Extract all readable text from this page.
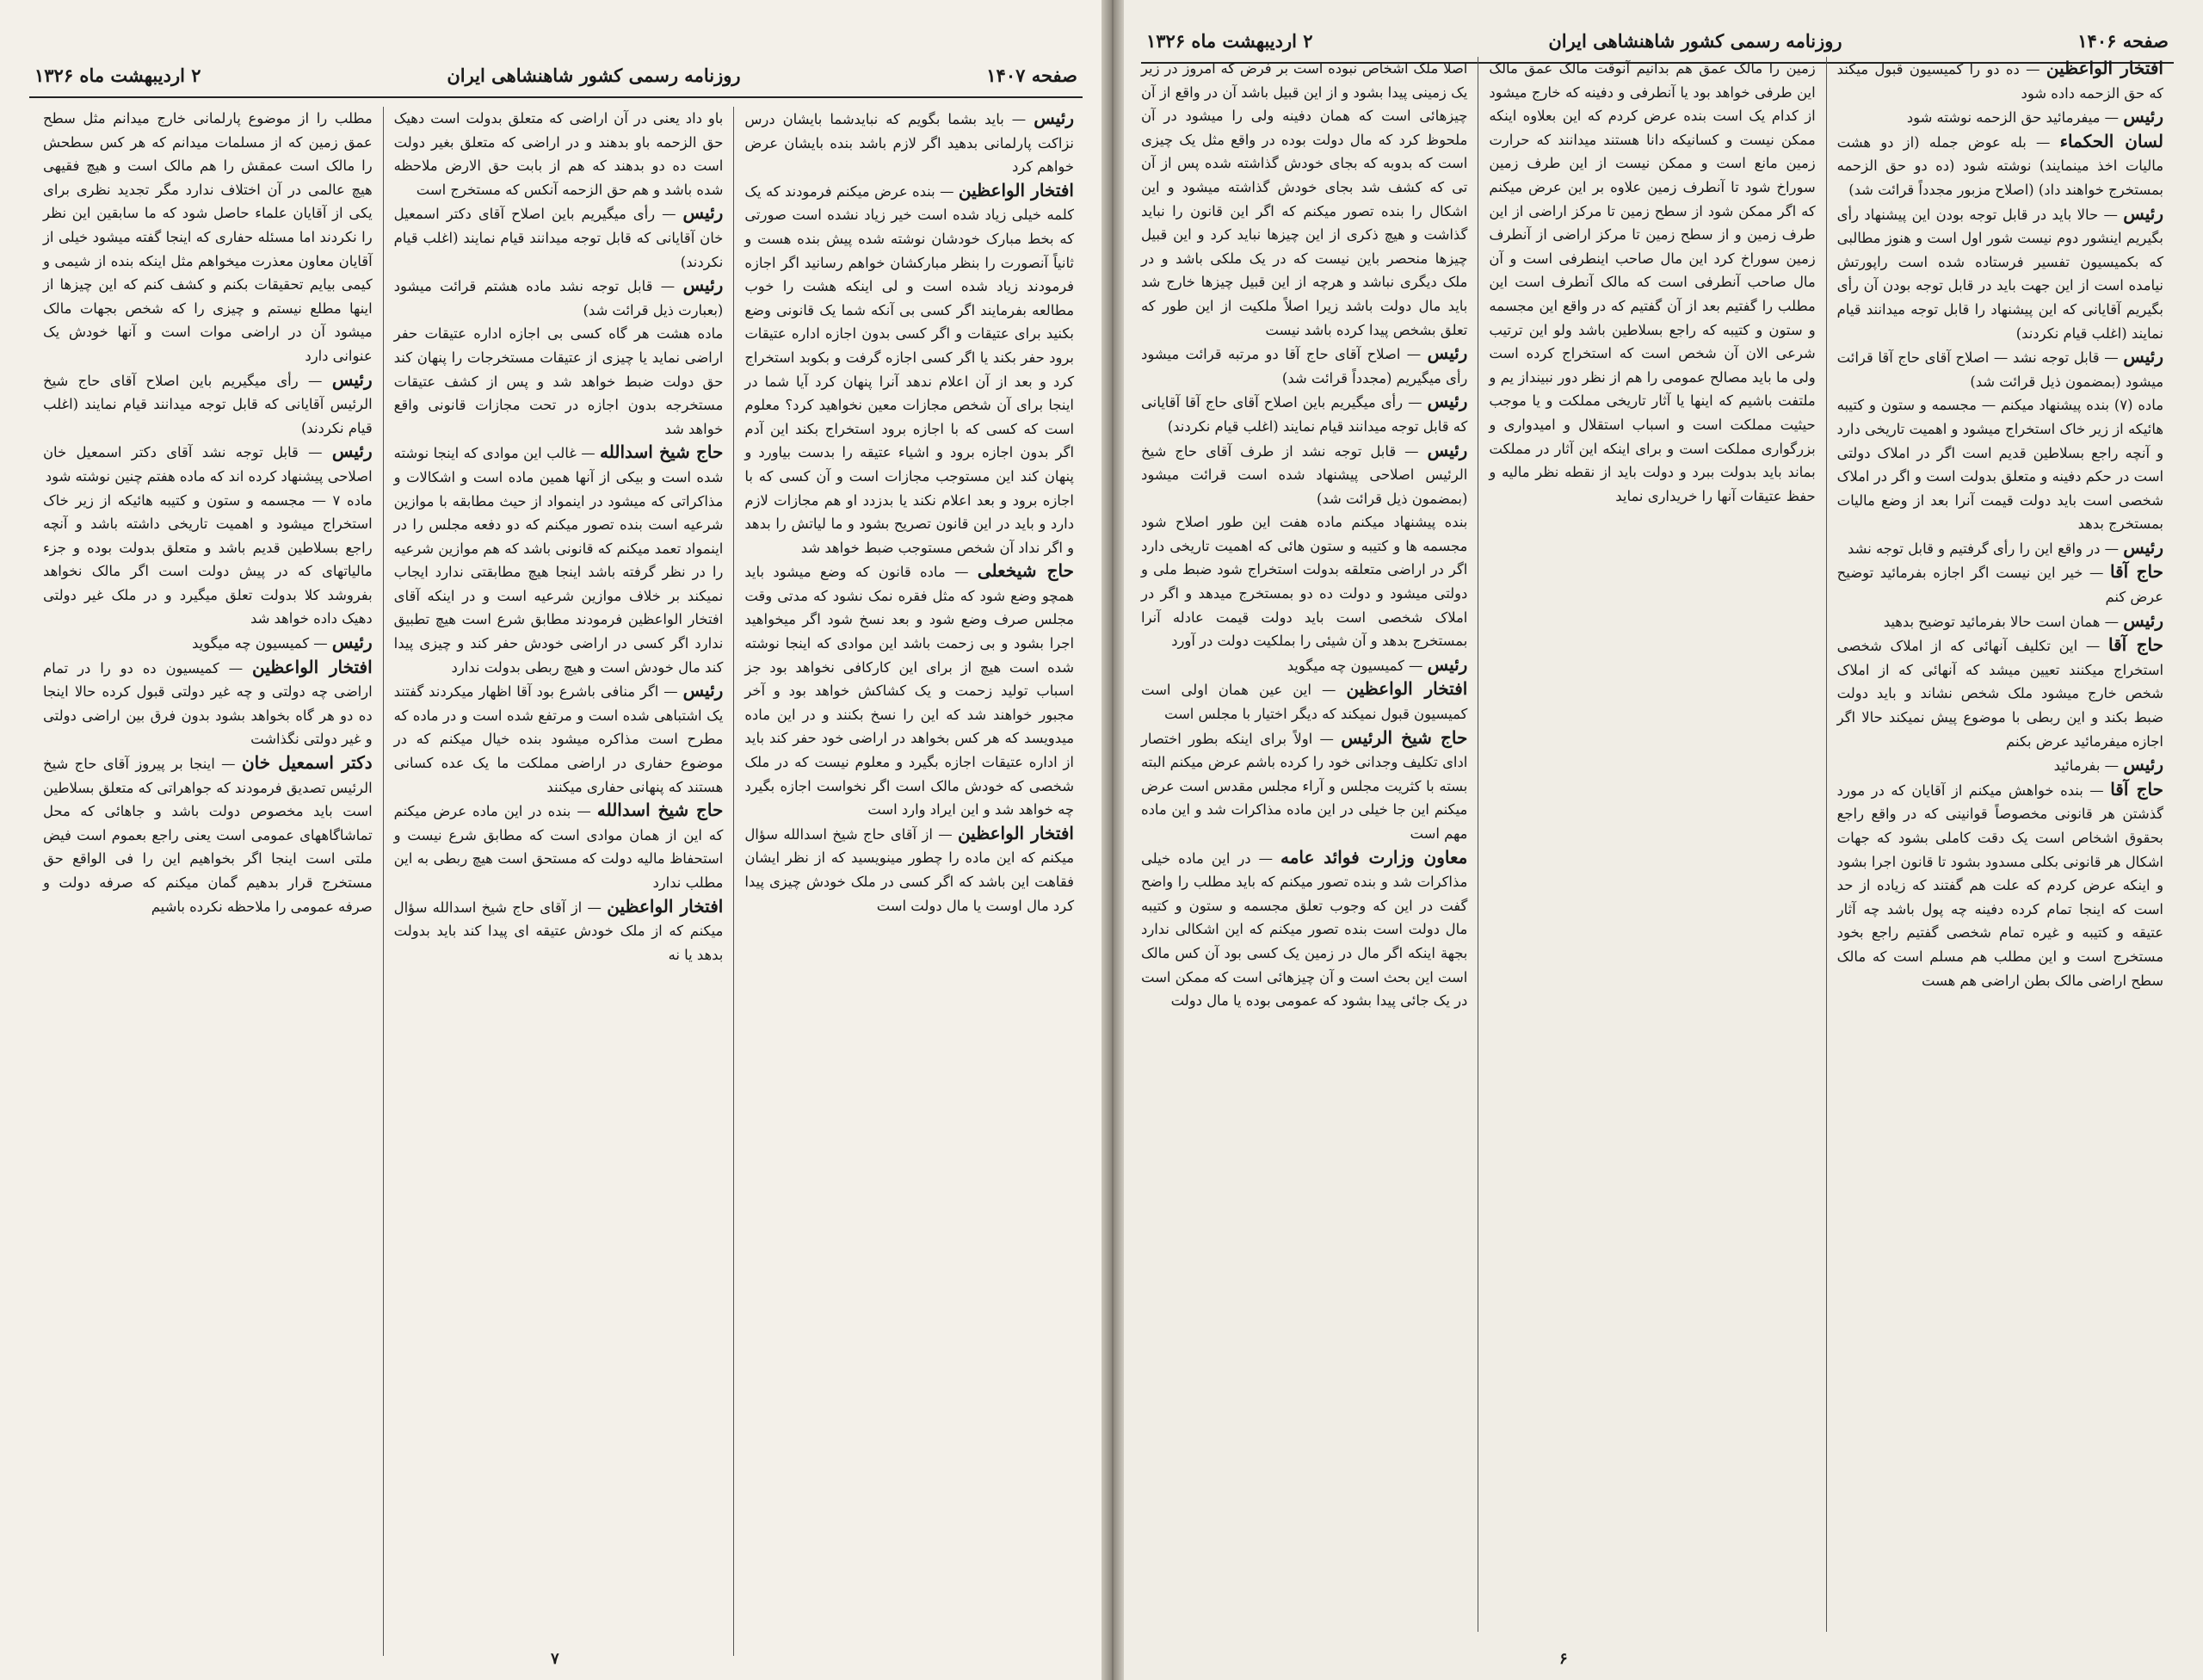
صفحه ۱۴۰۷
روزنامه رسمی کشور شاهنشاهی ایران
۲ اردیبهشت ماه ۱۳۲۶

رئیس — باید بشما بگویم که نبایدشما بایشان درس نزاکت پارلمانی بدهید اگر لازم باشد بنده بایشان عرض خواهم کرد

افتخار الواعظین — بنده عرض میکنم فرمودند که یک کلمه خیلی زیاد شده است خیر زیاد نشده است صورتی که بخط مبارک خودشان نوشته شده پیش بنده هست و ثانیاً آنصورت را بنظر مبارکشان خواهم رسانید اگر اجازه فرمودند زیاد شده است و لی اینکه هشت را خوب مطالعه بفرمایند اگر کسی بی آنکه شما یک قانونی وضع بکنید برای عتیقات و اگر کسی بدون اجازه اداره عتیقات برود حفر بکند یا اگر کسی اجازه گرفت و بکوبد استخراج کرد و بعد از آن اعلام ندهد آنرا پنهان کرد آیا شما در اینجا برای آن شخص مجازات معین نخواهید کرد؟ معلوم است که کسی که با اجازه برود استخراج بکند این آدم اگر بدون اجازه برود و اشیاء عتیقه را بدست بیاورد و پنهان کند این مستوجب مجازات است و آن کسی که با اجازه برود و بعد اعلام نکند یا بدزدد او هم مجازات لازم دارد و باید در این قانون تصریح بشود و ما لیاتش را بدهد و اگر نداد آن شخص مستوجب ضبط خواهد شد

حاج شیخعلی — ماده قانون که وضع میشود باید همچو وضع شود که مثل فقره نمک نشود که مدتی وقت مجلس صرف وضع شود و بعد نسخ شود اگر میخواهید اجرا بشود و بی زحمت باشد این موادی که اینجا نوشته شده است هیچ از برای این کارکافی نخواهد بود جز اسباب تولید زحمت و یک کشاکش خواهد بود و آخر مجبور خواهند شد که این را نسخ بکنند و در این ماده میدویسد که هر کس بخواهد در اراضی خود حفر کند باید از اداره عتیقات اجازه بگیرد و معلوم نیست که در ملک شخصی که خودش مالک است اگر نخواست اجازه بگیرد چه خواهد شد و این ایراد وارد است

افتخار الواعظین — از آقای حاج شیخ اسدالله سؤال میکنم که این ماده را چطور مینویسید که از نظر ایشان فقاهت این باشد که اگر کسی در ملک خودش چیزی پیدا کرد مال اوست یا مال دولت است

باو داد یعنی در آن اراضی که متعلق بدولت است دهیک حق الزحمه باو بدهند و در اراضی که متعلق بغیر دولت است ده دو بدهند که هم از بابت حق الارض ملاحظه شده باشد و هم حق الزحمه آنکس که مستخرج است

رئیس — رأی میگیریم باین اصلاح آقای دکتر اسمعیل خان آقایانی که قابل توجه میدانند قیام نمایند (اغلب قیام نکردند)

رئیس — قابل توجه نشد ماده هشتم قرائت میشود (بعبارت ذیل قرائت شد)

ماده هشت هر گاه کسی بی اجازه اداره عتیقات حفر اراضی نماید یا چیزی از عتیقات مستخرجات را پنهان کند حق دولت ضبط خواهد شد و پس از کشف عتیقات مستخرجه بدون اجازه در تحت مجازات قانونی واقع خواهد شد

حاج شیخ اسدالله — غالب این موادی که اینجا نوشته شده است و بیکی از آنها همین ماده است و اشکالات و مذاکراتی که میشود در اینمواد از حیث مطابقه با موازین شرعیه است بنده تصور میکنم که دو دفعه مجلس را در اینمواد تعمد میکنم که قانونی باشد که هم موازین شرعیه را در نظر گرفته باشد اینجا هیچ مطابقتی ندارد ایجاب نمیکند بر خلاف موازین شرعیه است و در اینکه آقای افتخار الواعظین فرمودند مطابق شرع است هیچ تطبیق ندارد اگر کسی در اراضی خودش حفر کند و چیزی پیدا کند مال خودش است و هیچ ربطی بدولت ندارد

رئیس — اگر منافی باشرع بود آقا اظهار میکردند گفتند یک اشتباهی شده است و مرتفع شده است و در ماده که مطرح است مذاکره میشود بنده خیال میکنم که در موضوع حفاری در اراضی مملکت ما یک عده کسانی هستند که پنهانی حفاری میکنند

حاج شیخ اسدالله — بنده در این ماده عرض میکنم که این از همان موادی است که مطابق شرع نیست و استحفاظ مالیه دولت که مستحق است هیچ ربطی به این مطلب ندارد

افتخار الواعظین — از آقای حاج شیخ اسدالله سؤال میکنم که از ملک خودش عتیقه ای پیدا کند باید بدولت بدهد یا نه

مطلب را از موضوع پارلمانی خارج میدانم مثل سطح عمق زمین که از مسلمات میدانم که هر کس سطحش را مالک است عمقش را هم مالک است و هیچ فقیهی هیچ عالمی در آن اختلاف ندارد مگر تجدید نظری برای یکی از آقایان علماء حاصل شود که ما سابقین این نظر را نکردند اما مسئله حفاری که اینجا گفته میشود خیلی از آقایان معاون معذرت میخواهم مثل اینکه بنده از شیمی و کیمی بیایم تحقیقات بکنم و کشف کنم که این چیزها از اینها مطلع نیستم و چیزی را که شخص بجهات مالک میشود آن در اراضی موات است و آنها خودش یک عنوانی دارد

رئیس — رأی میگیریم باین اصلاح آقای حاج شیخ الرئیس آقایانی که قابل توجه میدانند قیام نمایند (اغلب قیام نکردند)

رئیس — قابل توجه نشد آقای دکتر اسمعیل خان اصلاحی پیشنهاد کرده اند که ماده هفتم چنین نوشته شود

ماده ۷ — مجسمه و ستون و کتیبه هائیکه از زیر خاک استخراج میشود و اهمیت تاریخی داشته باشد و آنچه راجع بسلاطین قدیم باشد و متعلق بدولت بوده و جزء مالیاتهای که در پیش دولت است اگر مالک نخواهد بفروشد کلا بدولت تعلق میگیرد و در ملک غیر دولتی دهیک داده خواهد شد

رئیس — کمیسیون چه میگوید

افتخار الواعظین — کمیسیون ده دو را در تمام اراضی چه دولتی و چه غیر دولتی قبول کرده حالا اینجا ده دو هر گاه بخواهد بشود بدون فرق بین اراضی دولتی و غیر دولتی نگذاشت

دکتر اسمعیل خان — اینجا بر پیروز آقای حاج شیخ الرئیس تصدیق فرمودند که جواهراتی که متعلق بسلاطین است باید مخصوص دولت باشد و جاهائی که محل تماشاگاههای عمومی است یعنی راجع بعموم است فیض ملتی است اینجا اگر بخواهیم این را فی الواقع حق مستخرج قرار بدهیم گمان میکنم که صرفه دولت و صرفه عمومی را ملاحظه نکرده باشیم

۷
صفحه ۱۴۰۶
روزنامه رسمی کشور شاهنشاهی ایران
۲ اردیبهشت ماه ۱۳۲۶

افتخار الواعظین — ده دو را کمیسیون قبول میکند که حق الزحمه داده شود

رئیس — میفرمائید حق الزحمه نوشته شود

لسان الحکماء — بله عوض جمله (از دو هشت مالیات اخذ مینمایند) نوشته شود (ده دو حق الزحمه بمستخرج خواهند داد) (اصلاح مزبور مجدداً قرائت شد)

رئیس — حالا باید در قابل توجه بودن این پیشنهاد رأی بگیریم اینشور دوم نیست شور اول است و هنوز مطالبی که بکمیسیون تفسیر فرستاده شده است راپورتش نیامده است از این جهت باید در قابل توجه بودن آن رأی بگیریم آقایانی که این پیشنهاد را قابل توجه میدانند قیام نمایند (اغلب قیام نکردند)

رئیس — قابل توجه نشد — اصلاح آقای حاج آقا قرائت میشود (بمضمون ذیل قرائت شد)

ماده (۷) بنده پیشنهاد میکنم — مجسمه و ستون و کتیبه هائیکه از زیر خاک استخراج میشود و اهمیت تاریخی دارد و آنچه راجع بسلاطین قدیم است اگر در املاک دولتی است در حکم دفینه و متعلق بدولت است و اگر در املاک شخصی است باید دولت قیمت آنرا بعد از وضع مالیات بمستخرج بدهد

رئیس — در واقع این را رأی گرفتیم و قابل توجه نشد

حاج آقا — خیر این نیست اگر اجازه بفرمائید توضیح عرض کنم

رئیس — همان است حالا بفرمائید توضیح بدهید

حاج آقا — این تکلیف آنهائی که از املاک شخصی استخراج میکنند تعیین میشد که آنهائی که از املاک شخص خارج میشود ملک شخص نشاند و باید دولت ضبط بکند و این ربطی با موضوع پیش نمیکند حالا اگر اجازه میفرمائید عرض بکنم

رئیس — بفرمائید

حاج آقا — بنده خواهش میکنم از آقایان که در مورد گذشتن هر قانونی مخصوصاً قوانینی که در واقع راجع بحقوق اشخاص است یک دقت کاملی بشود که جهات اشکال هر قانونی بکلی مسدود بشود تا قانون اجرا بشود و اینکه عرض کردم که علت هم گفتند که زیاده از حد است که اینجا تمام کرده دفینه چه پول باشد چه آثار عتیقه و کتیبه و غیره تمام شخصی گفتیم راجع بخود مستخرج است و این مطلب هم مسلم است که مالک سطح اراضی مالک بطن اراضی هم هست

زمین را مالک عمق هم بدانیم آنوقت مالک عمق مالک این طرفی خواهد بود یا آنطرفی و دفینه که خارج میشود از کدام یک است بنده عرض کردم که این بعلاوه اینکه ممکن نیست و کسانیکه دانا هستند میدانند که حرارت زمین مانع است و ممکن نیست از این طرف زمین سوراخ شود تا آنطرف زمین علاوه بر این عرض میکنم که اگر ممکن شود از سطح زمین تا مرکز اراضی از این طرف زمین و از سطح زمین تا مرکز اراضی از آنطرف زمین سوراخ کرد این مال صاحب اینطرفی است و آن مال صاحب آنطرفی است که مالک آنطرف است این مطلب را گفتیم بعد از آن گفتیم که در واقع این مجسمه و ستون و کتیبه که راجع بسلاطین باشد ولو این ترتیب شرعی الان آن شخص است که استخراج کرده است ولی ما باید مصالح عمومی را هم از نظر دور نبینداز یم و ملتفت باشیم که اینها یا آثار تاریخی مملکت و یا موجب حیثیت مملکت است و اسباب استقلال و امیدواری و بزرگواری مملکت است و برای اینکه این آثار در مملکت بماند باید بدولت ببرد و دولت باید از نقطه نظر مالیه و حفظ عتیقات آنها را خریداری نماید

اصلا ملک اشخاص نبوده است بر فرض که امروز در زیر یک زمینی پیدا بشود و از این قبیل باشد آن در واقع از آن چیزهائی است که همان دفینه ولی را میشود در آن ملحوظ کرد که مال دولت بوده در واقع مثل یک چیزی است که بدوبه که بجای خودش گذاشته شده پس از آن تی که کشف شد بجای خودش گذاشته میشود و این اشکال را بنده تصور میکنم که اگر این قانون را نباید گذاشت و هیچ ذکری از این چیزها نباید کرد و این قبیل چیزها منحصر باین نیست که در یک ملکی باشد و در ملک دیگری نباشد و هرچه از این قبیل چیزها خارج شد باید مال دولت باشد زیرا اصلاً ملکیت از این طور که تعلق بشخص پیدا کرده باشد نیست

رئیس — اصلاح آقای حاج آقا دو مرتبه قرائت میشود رأی میگیریم (مجدداً قرائت شد)

رئیس — رأی میگیریم باین اصلاح آقای حاج آقا آقایانی که قابل توجه میدانند قیام نمایند (اغلب قیام نکردند)

رئیس — قابل توجه نشد از طرف آقای حاج شیخ الرئیس اصلاحی پیشنهاد شده است قرائت میشود (بمضمون ذیل قرائت شد)

بنده پیشنهاد میکنم ماده هفت این طور اصلاح شود مجسمه ها و کتیبه و ستون هائی که اهمیت تاریخی دارد اگر در اراضی متعلقه بدولت استخراج شود ضبط ملی و دولتی میشود و دولت ده دو بمستخرج میدهد و اگر در املاک شخصی است باید دولت قیمت عادله آنرا بمستخرج بدهد و آن شیئی را بملکیت دولت در آورد

رئیس — کمیسیون چه میگوید

افتخار الواعظین — این عین همان اولی است کمیسیون قبول نمیکند که دیگر اختیار با مجلس است

حاج شیخ الرئیس — اولاً برای اینکه بطور اختصار ادای تکلیف وجدانی خود را کرده باشم عرض میکنم البته بسته با کثریت مجلس و آراء مجلس مقدس است عرض میکنم این جا خیلی در این ماده مذاکرات شد و این ماده مهم است

معاون وزارت فوائد عامه — در این ماده خیلی مذاکرات شد و بنده تصور میکنم که باید مطلب را واضح گفت در این که وجوب تعلق مجسمه و ستون و کتیبه مال دولت است بنده تصور میکنم که این اشکالی ندارد بجهة اینکه اگر مال در زمین یک کسی بود آن کس مالک است این بحث است و آن چیزهائی است که ممکن است در یک جائی پیدا بشود که عمومی بوده یا مال دولت

۶
